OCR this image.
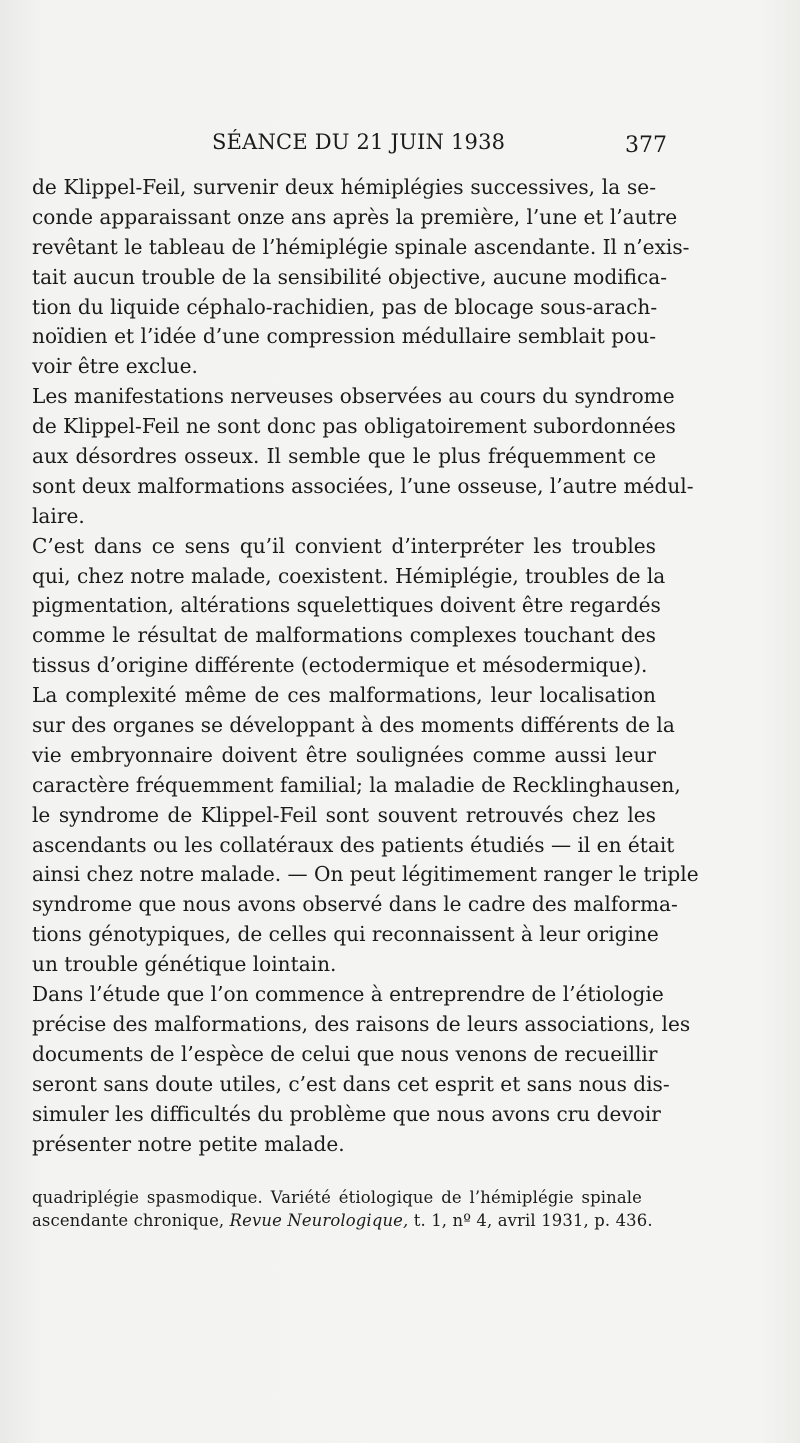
SÉANCE DU 21 JUIN 1938	377
de Klippel-Feil, survenir deux hémiplégies successives, la se-
conde apparaissant onze ans après la première, l’une et l’autre
revêtant le tableau de l’hémiplégie spinale ascendante. Il n’exis-
tait aucun trouble de la sensibilité objective, aucune modifica-
tion du liquide céphalo-rachidien, pas de blocage sous-arach-
noïdien et l’idée d’une compression médullaire semblait pou-
voir être exclue.
Les manifestations nerveuses observées au cours du syndrome
de Klippel-Feil ne sont donc pas obligatoirement subordonnées
aux désordres osseux. Il semble que le plus fréquemment ce
sont deux malformations associées, l’une osseuse, l’autre médul-
laire.
C’est dans ce sens qu’il convient d’interpréter les troubles
qui, chez notre malade, coexistent. Hémiplégie, troubles de la
pigmentation, altérations squelettiques doivent être regardés
comme le résultat de malformations complexes touchant des
tissus d’origine différente (ectodermique et mésodermique).
La complexité même de ces malformations, leur localisation
sur des organes se développant à des moments différents de la
vie embryonnaire doivent être soulignées comme aussi leur
caractère fréquemment familial; la maladie de Recklinghausen,
le syndrome de Klippel-Feil sont souvent retrouvés chez les
ascendants ou les collatéraux des patients étudiés — il en était
ainsi chez notre malade. — On peut légitimement ranger le triple
syndrome que nous avons observé dans le cadre des malforma-
tions génotypiques, de celles qui reconnaissent à leur origine
un trouble génétique lointain.
Dans l’étude que l’on commence à entreprendre de l’étiologie
précise des malformations, des raisons de leurs associations, les
documents de l’espèce de celui que nous venons de recueillir
seront sans doute utiles, c’est dans cet esprit et sans nous dis-
simuler les difficultés du problème que nous avons cru devoir
présenter notre petite malade.
quadriplégie spasmodique. Variété étiologique de l’hémiplégie spinale
ascendante chronique, Revue Neurologique, t. 1, nº 4, avril 1931, p. 436.
